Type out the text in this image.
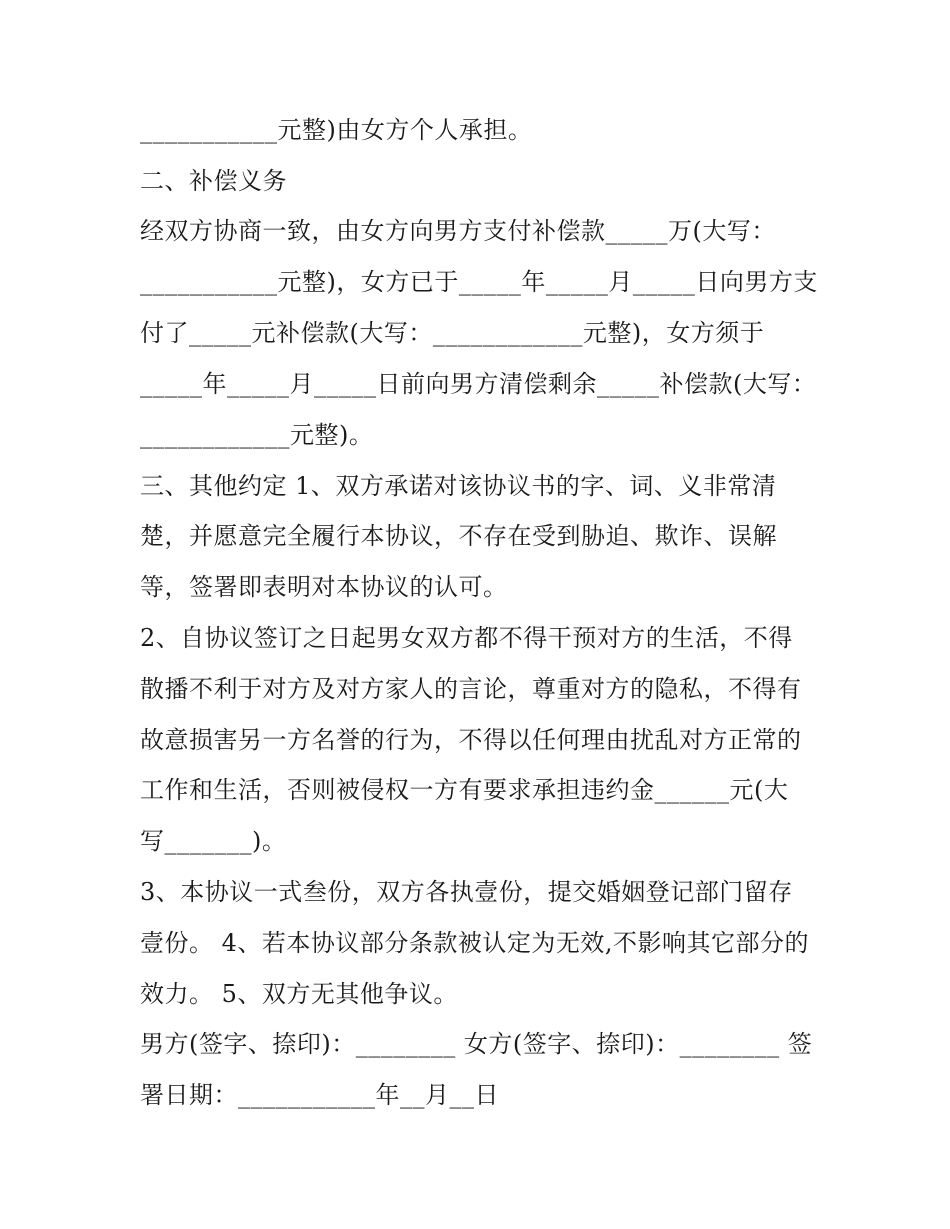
___________元整)由女方个人承担。
二、补偿义务
经双方协商一致，由女方向男方支付补偿款_____万(大写：
___________元整)，女方已于_____年_____月_____日向男方支
付了_____元补偿款(大写：____________元整)，女方须于
_____年_____月_____日前向男方清偿剩余_____补偿款(大写：
____________元整)。
三、其他约定 1、双方承诺对该协议书的字、词、义非常清
楚，并愿意完全履行本协议，不存在受到胁迫、欺诈、误解
等，签署即表明对本协议的认可。
2、自协议签订之日起男女双方都不得干预对方的生活，不得
散播不利于对方及对方家人的言论，尊重对方的隐私，不得有
故意损害另一方名誉的行为，不得以任何理由扰乱对方正常的
工作和生活，否则被侵权一方有要求承担违约金______元(大
写_______)。
3、本协议一式叁份，双方各执壹份，提交婚姻登记部门留存
壹份。 4、若本协议部分条款被认定为无效,不影响其它部分的
效力。 5、双方无其他争议。
男方(签字、捺印)：________ 女方(签字、捺印)：________ 签
署日期：___________年__月__日
